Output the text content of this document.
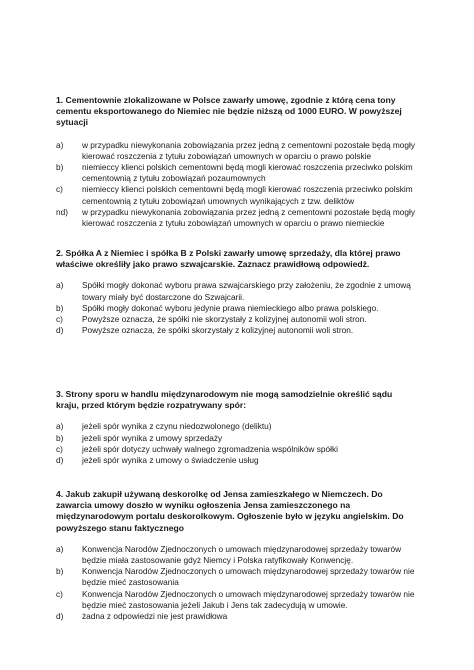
1. Cementownie zlokalizowane w Polsce zawarły umowę, zgodnie z którą cena tony cementu eksportowanego do Niemiec nie będzie niższą od 1000 EURO. W powyższej sytuacji

a) w przypadku niewykonania zobowiązania przez jedną z cementowni pozostałe będą mogły kierować roszczenia z tytułu zobowiązań umownych w oparciu o prawo polskie

b) niemieccy klienci polskich cementowni będą mogli kierować roszczenia przeciwko polskim cementownią z tytułu zobowiązań pozaumownych

c) niemieccy klienci polskich cementowni będą mogli kierować roszczenia przeciwko polskim cementownią z tytułu zobowiązań umownych wynikających z tzw. deliktów

nd) w przypadku niewykonania zobowiązania przez jedną z cementowni pozostałe będą mogły kierować roszczenia z tytułu zobowiązań umownych w oparciu o prawo niemieckie

2. Spółka A z Niemiec i spółka B z Polski zawarły umowę sprzedaży, dla której prawo właściwe określiły jako prawo szwajcarskie. Zaznacz prawidłową odpowiedź.

a) Spółki mogły dokonać wyboru prawa szwajcarskiego przy założeniu, że zgodnie z umową towary miały być dostarczone do Szwajcarii.

b) Spółki mogły dokonać wyboru jedynie prawa niemieckiego albo prawa polskiego.

c) Powyższe oznacza, że spółki nie skorzystały z kolizyjnej autonomii woli stron.

d) Powyższe oznacza, że spółki skorzystały z kolizyjnej autonomii woli stron.

3. Strony sporu w handlu międzynarodowym nie mogą samodzielnie określić sądu kraju, przed którym będzie rozpatrywany spór:

a) jeżeli spór wynika z czynu niedozwolonego (deliktu)

b) jeżeli spór wynika z umowy sprzedaży

c) jeżeli spór dotyczy uchwały walnego zgromadzenia wspólników spółki

d) jeżeli spór wynika z umowy o świadczenie usług

4. Jakub zakupił używaną deskorolkę od Jensa zamieszkałego w Niemczech. Do zawarcia umowy doszło w wyniku ogłoszenia Jensa zamieszczonego na międzynarodowym portalu deskorolkowym. Ogłoszenie było w języku angielskim. Do powyższego stanu faktycznego

a) Konwencja Narodów Zjednoczonych o umowach międzynarodowej sprzedaży towarów będzie miała zastosowanie gdyż Niemcy i Polska ratyfikowały Konwencję.

b) Konwencja Narodów Zjednoczonych o umowach międzynarodowej sprzedaży towarów nie będzie mieć zastosowania

c) Konwencja Narodów Zjednoczonych o umowach międzynarodowej sprzedaży towarów nie będzie mieć zastosowania jeżeli Jakub i Jens tak zadecydują w umowie.

d) żadna z odpowiedzi nie jest prawidłowa
